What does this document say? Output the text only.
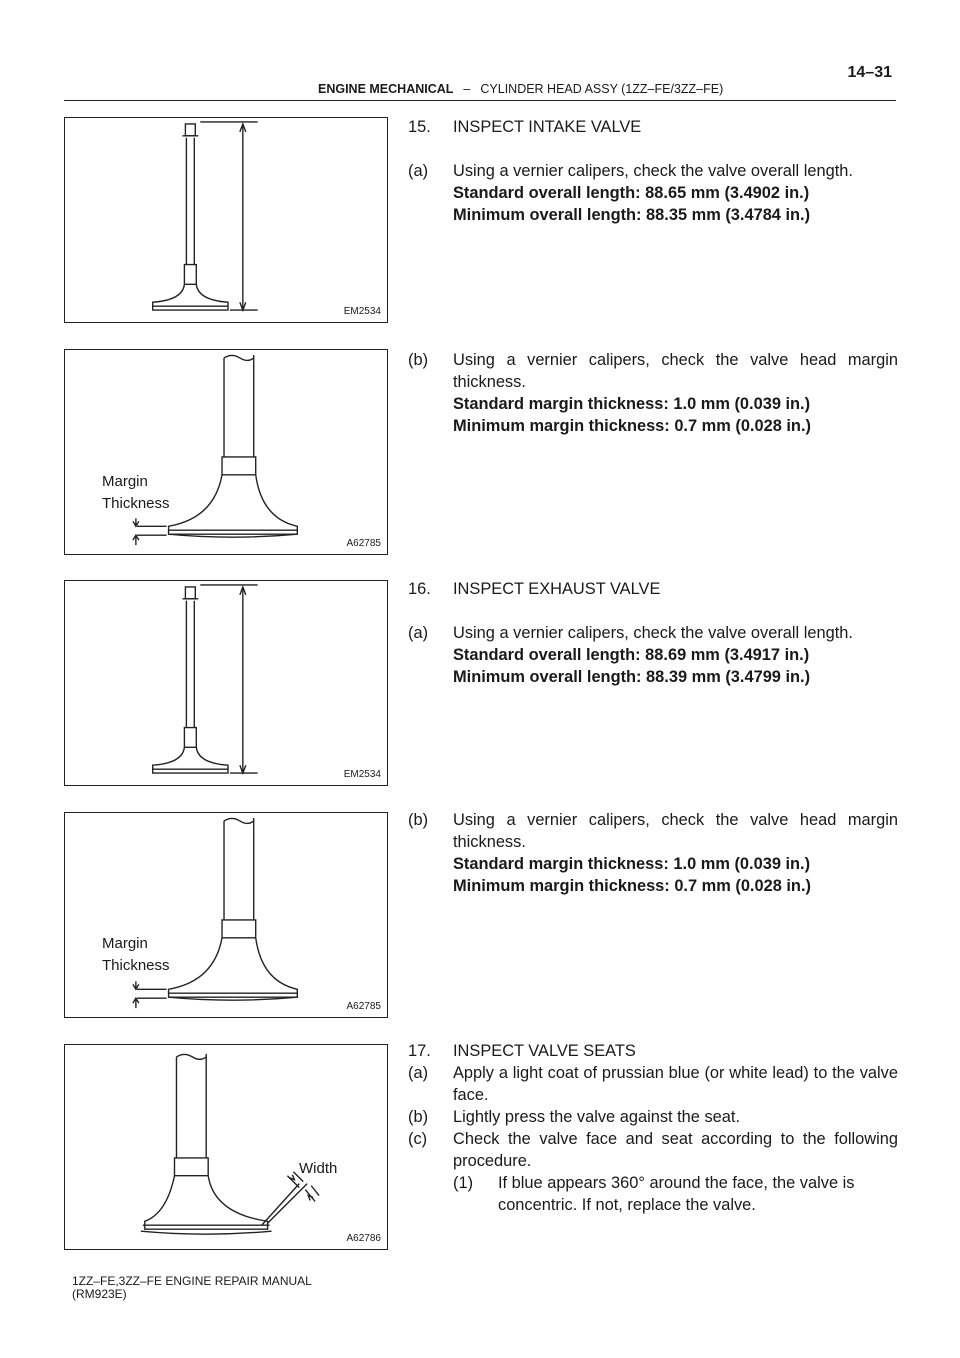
ENGINE MECHANICAL – CYLINDER HEAD ASSY (1ZZ–FE/3ZZ–FE)
14–31
EM2534
Margin
Thickness
A62785
EM2534
Margin
Thickness
A62785
Width
A62786
15. INSPECT INTAKE VALVE
(a) Using a vernier calipers, check the valve overall length.
Standard overall length: 88.65 mm (3.4902 in.)
Minimum overall length: 88.35 mm (3.4784 in.)
(b) Using a vernier calipers, check the valve head margin thickness.
Standard margin thickness: 1.0 mm (0.039 in.)
Minimum margin thickness: 0.7 mm (0.028 in.)
16. INSPECT EXHAUST VALVE
(a) Using a vernier calipers, check the valve overall length.
Standard overall length: 88.69 mm (3.4917 in.)
Minimum overall length: 88.39 mm (3.4799 in.)
(b) Using a vernier calipers, check the valve head margin thickness.
Standard margin thickness: 1.0 mm (0.039 in.)
Minimum margin thickness: 0.7 mm (0.028 in.)
17. INSPECT VALVE SEATS
(a) Apply a light coat of prussian blue (or white lead) to the valve face.
(b) Lightly press the valve against the seat.
(c) Check the valve face and seat according to the following procedure.
(1) If blue appears 360° around the face, the valve is concentric. If not, replace the valve.
1ZZ–FE,3ZZ–FE ENGINE REPAIR MANUAL
(RM923E)
